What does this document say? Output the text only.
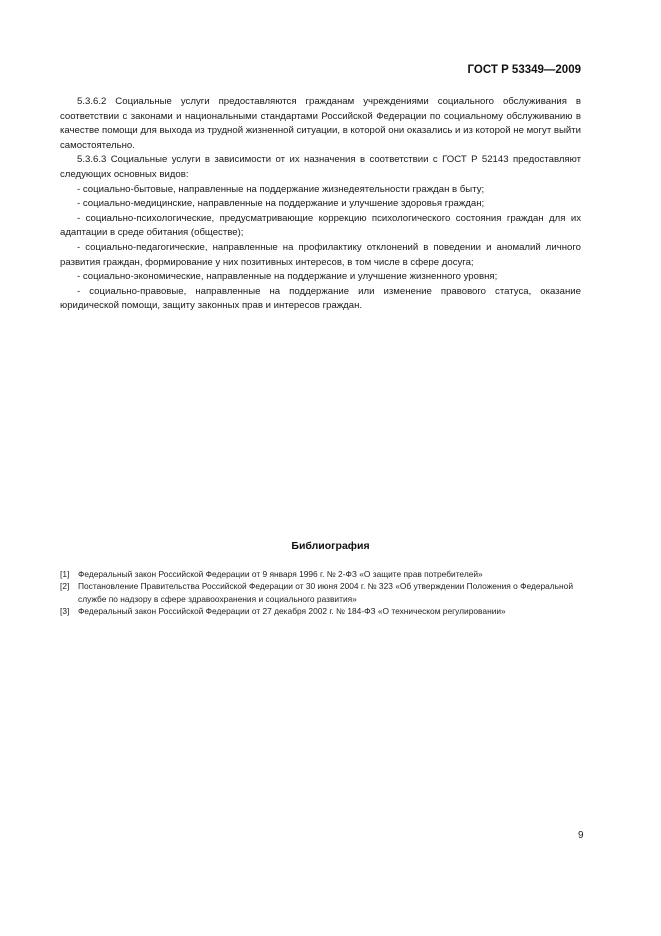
ГОСТ Р 53349—2009

5.3.6.2 Социальные услуги предоставляются гражданам учреждениями социального обслуживания в соответствии с законами и национальными стандартами Российской Федерации по социальному обслуживанию в качестве помощи для выхода из трудной жизненной ситуации, в которой они оказались и из которой не могут выйти самостоятельно.

5.3.6.3 Социальные услуги в зависимости от их назначения в соответствии с ГОСТ Р 52143 предоставляют следующих основных видов:

- социально-бытовые, направленные на поддержание жизнедеятельности граждан в быту;

- социально-медицинские, направленные на поддержание и улучшение здоровья граждан;

- социально-психологические, предусматривающие коррекцию психологического состояния граждан для их адаптации в среде обитания (обществе);

- социально-педагогические, направленные на профилактику отклонений в поведении и аномалий личного развития граждан, формирование у них позитивных интересов, в том числе в сфере досуга;

- социально-экономические, направленные на поддержание и улучшение жизненного уровня;

- социально-правовые, направленные на поддержание или изменение правового статуса, оказание юридической помощи, защиту законных прав и интересов граждан.

Библиография
[1]	Федеральный закон Российской Федерации от 9 января 1996 г. № 2-ФЗ «О защите прав потребителей»
[2]	Постановление Правительства Российской Федерации от 30 июня 2004 г. № 323 «Об утверждении Положения о Федеральной службе по надзору в сфере здравоохранения и социального развития»
[3]	Федеральный закон Российской Федерации от 27 декабря 2002 г. № 184-ФЗ «О техническом регулировании»
9
